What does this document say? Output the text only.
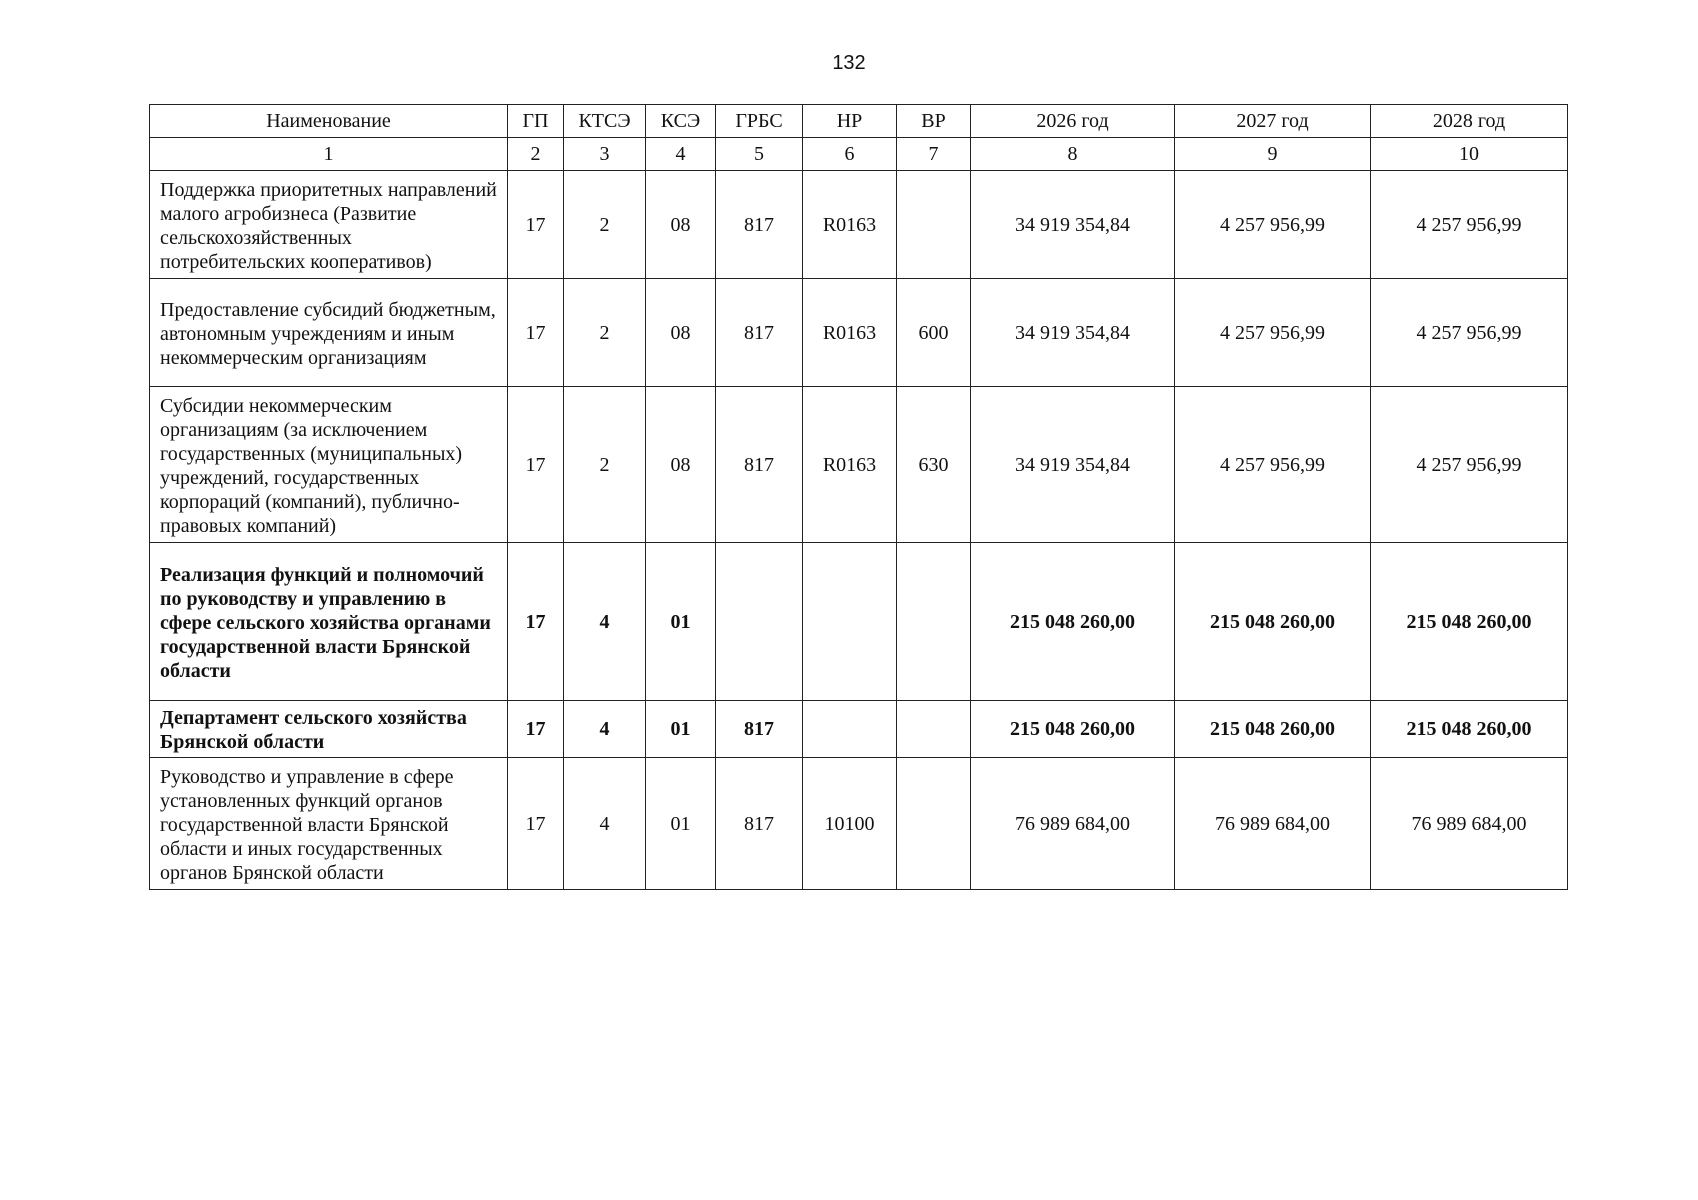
132
Наименование	ГП	КТСЭ	КСЭ	ГРБС	НР	ВР	2026 год	2027 год	2028 год
1	2	3	4	5	6	7	8	9	10
Поддержка приоритетных направлений малого агробизнеса (Развитие сельскохозяйственных потребительских кооперативов)	17	2	08	817	R0163		34 919 354,84	4 257 956,99	4 257 956,99
Предоставление субсидий бюджетным, автономным учреждениям и иным некоммерческим организациям	17	2	08	817	R0163	600	34 919 354,84	4 257 956,99	4 257 956,99
Субсидии некоммерческим организациям (за исключением государственных (муниципальных) учреждений, государственных корпораций (компаний), публично-правовых компаний)	17	2	08	817	R0163	630	34 919 354,84	4 257 956,99	4 257 956,99
Реализация функций и полномочий по руководству и управлению в сфере сельского хозяйства органами государственной власти Брянской области	17	4	01				215 048 260,00	215 048 260,00	215 048 260,00
Департамент сельского хозяйства Брянской области	17	4	01	817			215 048 260,00	215 048 260,00	215 048 260,00
Руководство и управление в сфере установленных функций органов государственной власти Брянской области и иных государственных органов Брянской области	17	4	01	817	10100		76 989 684,00	76 989 684,00	76 989 684,00
